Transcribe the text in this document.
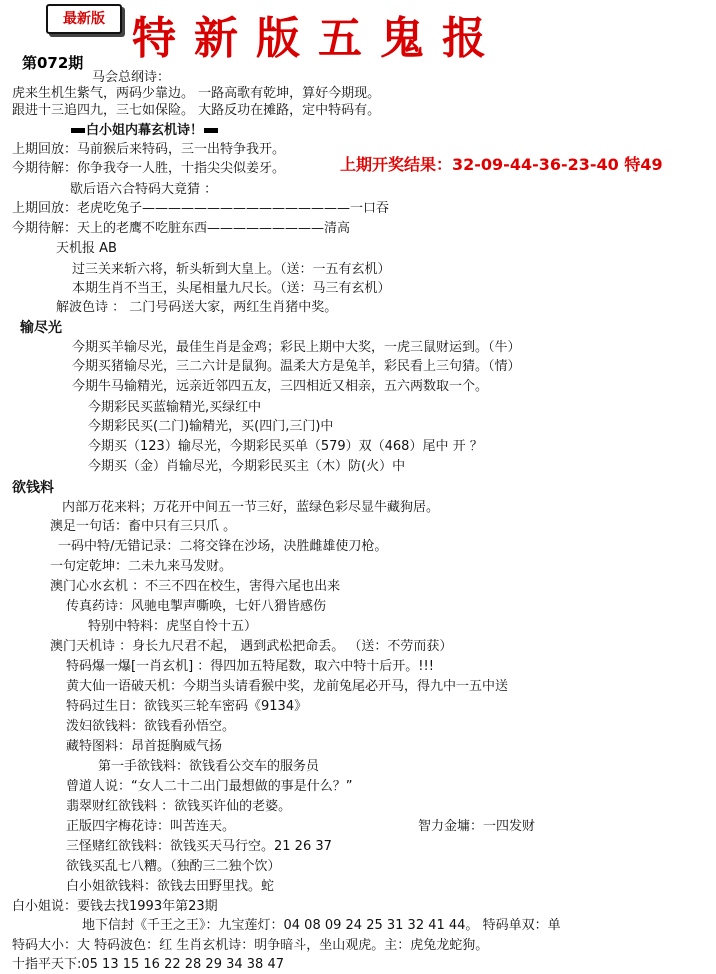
最新版 特新版五鬼报
第072期
马会总纲诗：
虎来生机生紫气，两码少靠边。 一路高歌有乾坤，算好今期现。
跟进十三追四九，三七如保险。 大路反功在摊路，定中特码有。
白小姐内幕玄机诗！
上期回放：马前猴后来特码，三一出特争我开。
今期待解：你争我夺一人胜，十指尖尖似姜牙。	上期开奖结果：32-09-44-36-23-40 特49
歇后语六合特码大竟猜 ：
上期回放：老虎吃兔子————————————————一口吞
今期待解：天上的老鹰不吃脏东西—————————清高
天机报 AB
过三关来斩六将，斩头斩到大皇上。（送：一五有玄机）
本期生肖不当王，头尾相量九尺长。（送：马三有玄机）
解波色诗 ： 二门号码送大家，两红生肖猪中奖。
输尽光
今期买羊输尽光，最佳生肖是金鸡；彩民上期中大奖，一虎三鼠财运到。（牛）
今期买猪输尽光，三二六计是鼠狗。温柔大方是兔羊，彩民看上三句猜。（情）
今期牛马输精光，远亲近邻四五友，三四相近又相亲，五六两数取一个。
今期彩民买蓝输精光,买绿红中
今期彩民买(二门)输精光，买(四门,三门)中
今期买（123）输尽光，今期彩民买单（579）双（468）尾中 开 ？
今期买（金）肖输尽光，今期彩民买主（木）防(火）中
欲钱料
内部万花来料；万花开中间五一节三好，蓝绿色彩尽显牛藏狗居。
澳足一句话：畜中只有三只爪 。
一码中特/无错记录：二将交锋在沙场，决胜雌雄使刀枪。
一句定乾坤：二未九来马发财。
澳门心水玄机 ：不三不四在校生，害得六尾也出来
传真药诗：风驰电掣声嘶唤，七奸八猾皆感伤
特别中特料：虎坚自怜十五）
澳门天机诗 ：身长九尺君不起， 遇到武松把命丢。 （送：不劳而获）
特码爆一爆[一肖玄机] ：得四加五特尾数，取六中特十后开。!!!
黄大仙一语破天机：今期当头请看猴中奖，龙前兔尾必开马，得九中一五中送
特码过生日：欲钱买三轮车密码《9134》
泼妇欲钱料：欲钱看孙悟空。
藏特图料：昂首挺胸威气扬
第一手欲钱料：欲钱看公交车的服务员
曾道人说：“女人二十二出门最想做的事是什么？”
翡翠财红欲钱料 ：欲钱买许仙的老婆。
正版四字梅花诗：叫苦连天。	智力金墉：一四发财
三怪赌红欲钱料：欲钱买天马行空。21 26 37
欲钱买乱七八糟。（独酌三二独个饮）
白小姐欲钱料：欲钱去田野里找。蛇
白小姐说：要钱去找1993年第23期
地下信封《千王之王》：九宝莲灯：04 08 09 24 25 31 32 41 44。 特码单双：单
特码大小：大 特码波色：红 生肖玄机诗：明争暗斗，坐山观虎。主：虎兔龙蛇狗。
十指平天下:05 13 15 16 22 28 29 34 38 47
